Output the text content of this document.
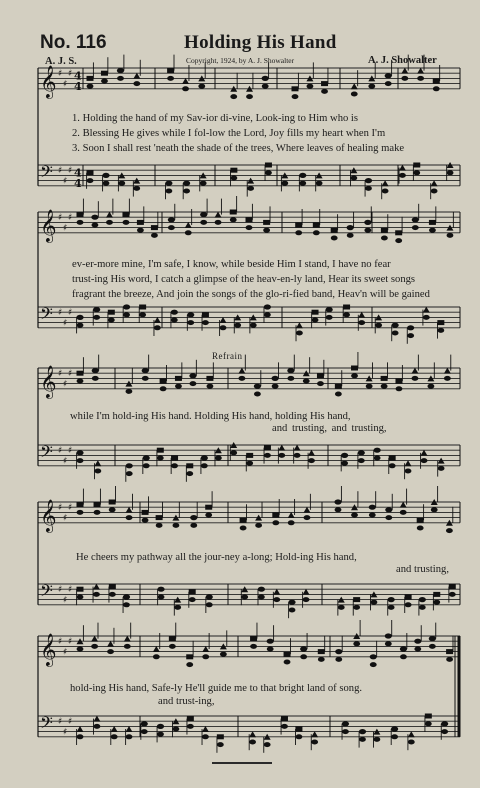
No. 116	Holding His Hand
A. J. S.	Copyright, 1924, by A. J. Showalter	A. J. Showalter
𝄞 ♯
♯
♯ 4
4
𝄢 ♯
♯
♯ 4
4
𝄞 ♯
♯
♯
𝄢 ♯
♯
♯
𝄞 ♯
♯
♯
𝄢 ♯
♯
♯
𝄞 ♯
♯
♯
𝄢 ♯
♯
♯
𝄞 ♯
♯
♯
𝄢 ♯
♯
♯
1. Holding the hand of my Sav-ior di-vine, Look-ing to Him who is
2. Blessing He gives while I fol-low the Lord, Joy fills my heart when I'm
3. Soon I shall rest 'neath the shade of the trees, Where leaves of healing make
ev-er-more mine, I'm safe, I know, while beside Him I stand, I have no fear
trust-ing His word, I catch a glimpse of the heav-en-ly land, Hear its sweet songs
fragrant the breeze, And join the songs of the glo-ri-fied band, Heav'n will be gained
Refrain
while I'm hold-ing His hand. Holding His hand, holding His hand,
and trusting, and trusting,
He cheers my pathway all the jour-ney a-long; Hold-ing His hand,
and trusting,
hold-ing His hand, Safe-ly He'll guide me to that bright land of song.
and trust-ing,
